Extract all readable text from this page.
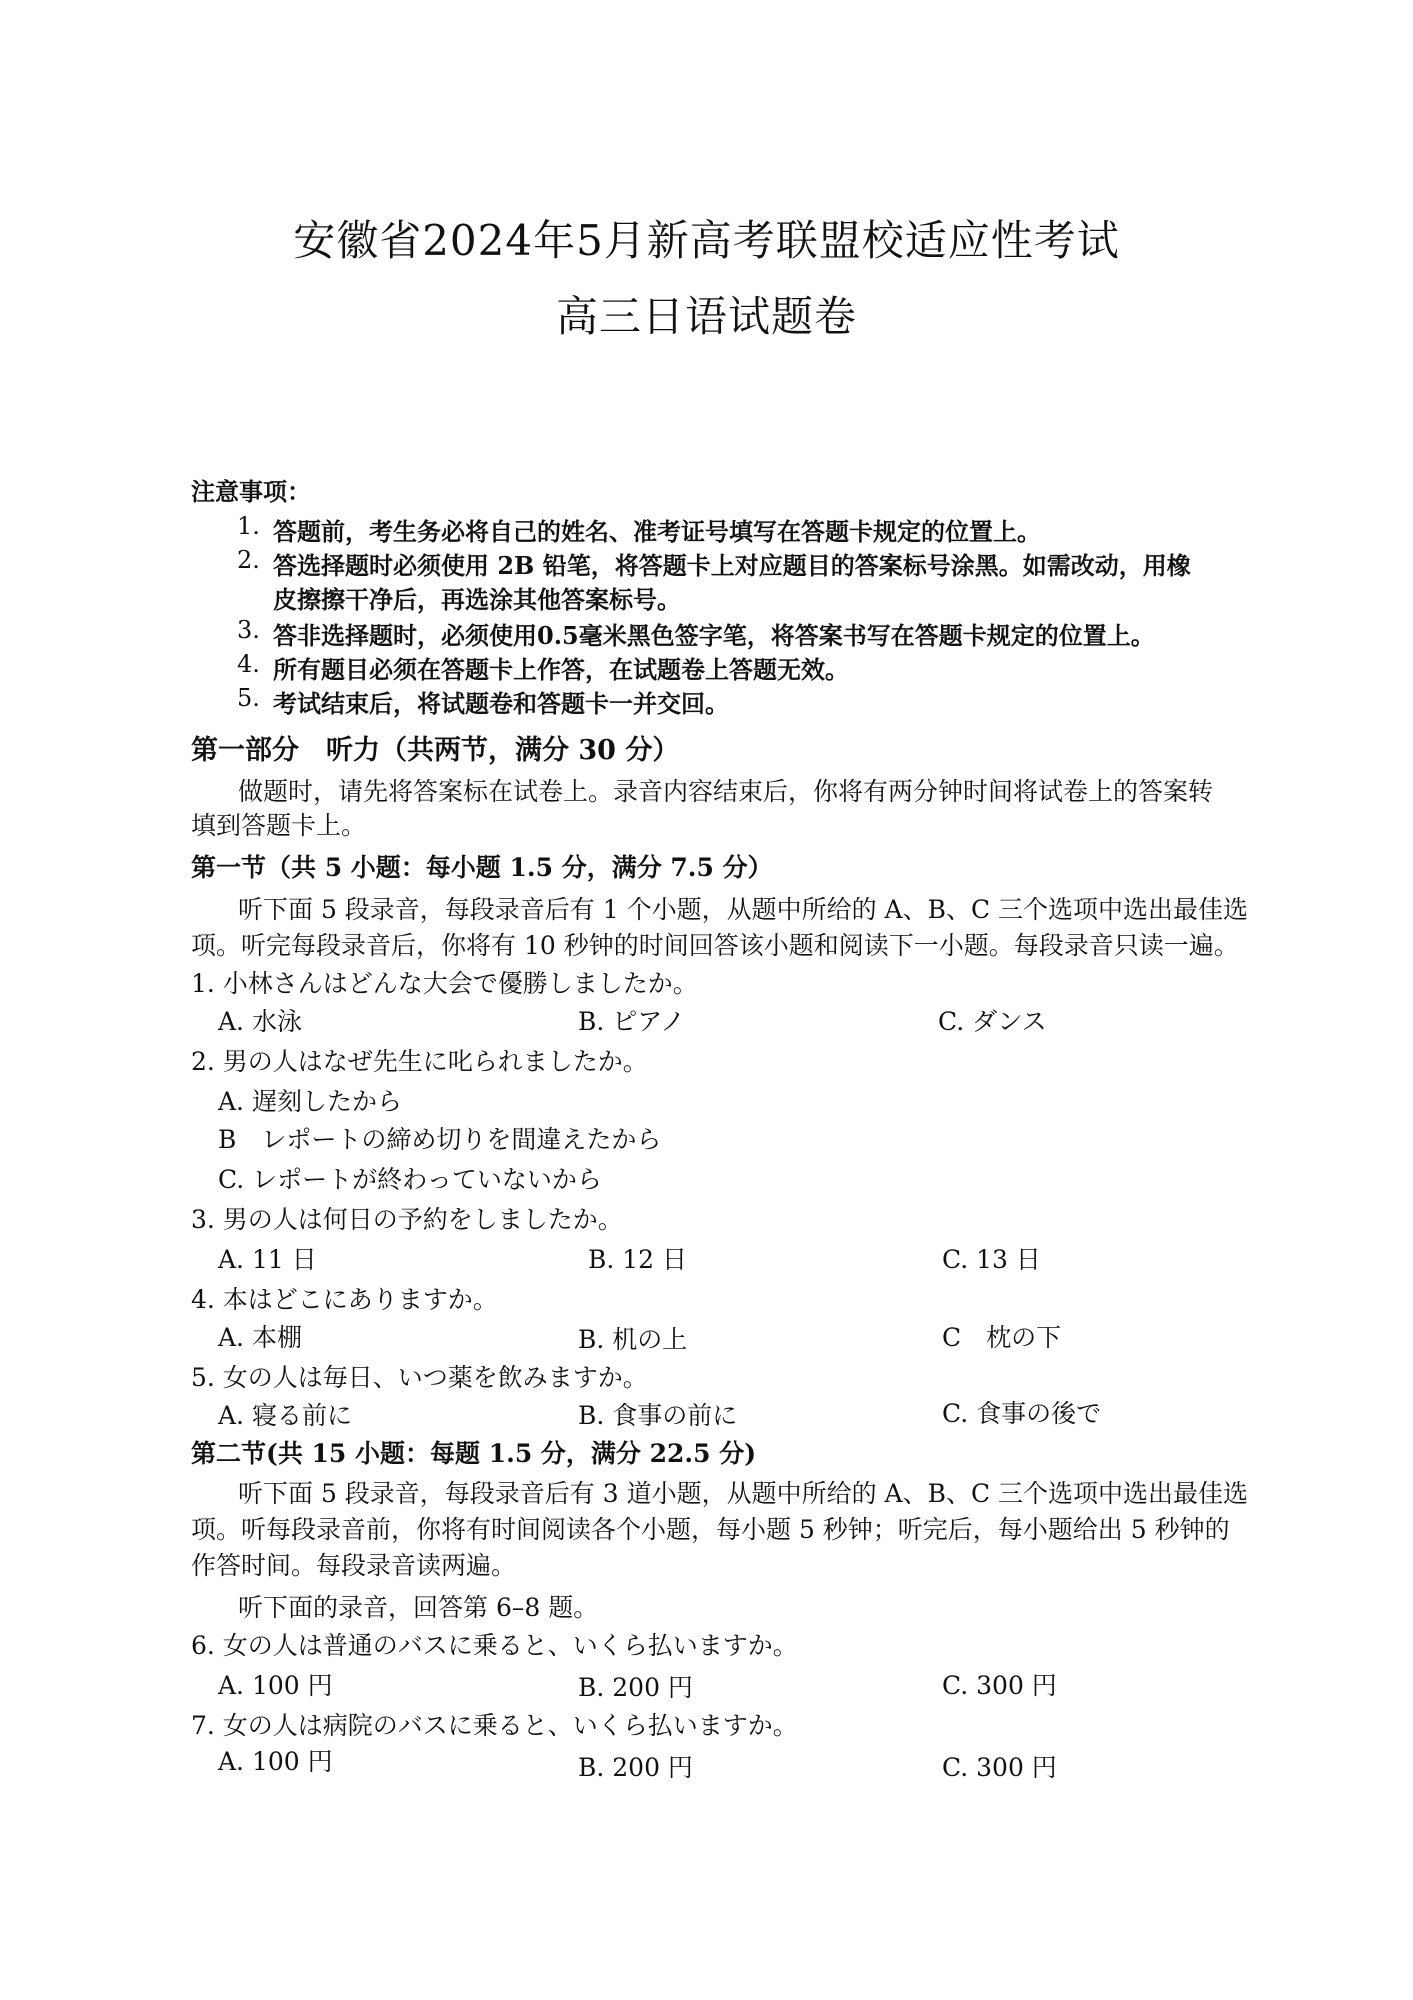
安徽省2024年5月新高考联盟校适应性考试
高三日语试题卷
注意事项：
1. 答题前，考生务必将自己的姓名、准考证号填写在答题卡规定的位置上。
2. 答选择题时必须使用 2B 铅笔，将答题卡上对应题目的答案标号涂黑。如需改动，用橡
皮擦擦干净后，再选涂其他答案标号。
3. 答非选择题时，必须使用0.5毫米黑色签字笔，将答案书写在答题卡规定的位置上。
4. 所有题目必须在答题卡上作答，在试题卷上答题无效。
5. 考试结束后，将试题卷和答题卡一并交回。
第一部分　听力（共两节，满分 30 分）
做题时，请先将答案标在试卷上。录音内容结束后，你将有两分钟时间将试卷上的答案转
填到答题卡上。
第一节（共 5 小题：每小题 1.5 分，满分 7.5 分）
听下面 5 段录音，每段录音后有 1 个小题，从题中所给的 A、B、C 三个选项中选出最佳选
项。听完每段录音后，你将有 10 秒钟的时间回答该小题和阅读下一小题。每段录音只读一遍。
1. 小林さんはどんな大会で優勝しましたか。
A. 水泳	B. ピアノ	C. ダンス
2. 男の人はなぜ先生に叱られましたか。
A. 遅刻したから
B　レポートの締め切りを間違えたから
C. レポートが終わっていないから
3. 男の人は何日の予約をしましたか。
A. 11 日	B. 12 日	C. 13 日
4. 本はどこにありますか。
A. 本棚	B. 机の上	C　枕の下
5. 女の人は毎日、いつ薬を飲みますか。
A. 寝る前に	B. 食事の前に	C. 食事の後で
第二节(共 15 小题：每题 1.5 分，满分 22.5 分)
听下面 5 段录音，每段录音后有 3 道小题，从题中所给的 A、B、C 三个选项中选出最佳选
项。听每段录音前，你将有时间阅读各个小题，每小题 5 秒钟；听完后，每小题给出 5 秒钟的
作答时间。每段录音读两遍。
听下面的录音，回答第 6–8 题。
6. 女の人は普通のバスに乗ると、いくら払いますか。
A. 100 円	B. 200 円	C. 300 円
7. 女の人は病院のバスに乗ると、いくら払いますか。
A. 100 円	B. 200 円	C. 300 円
